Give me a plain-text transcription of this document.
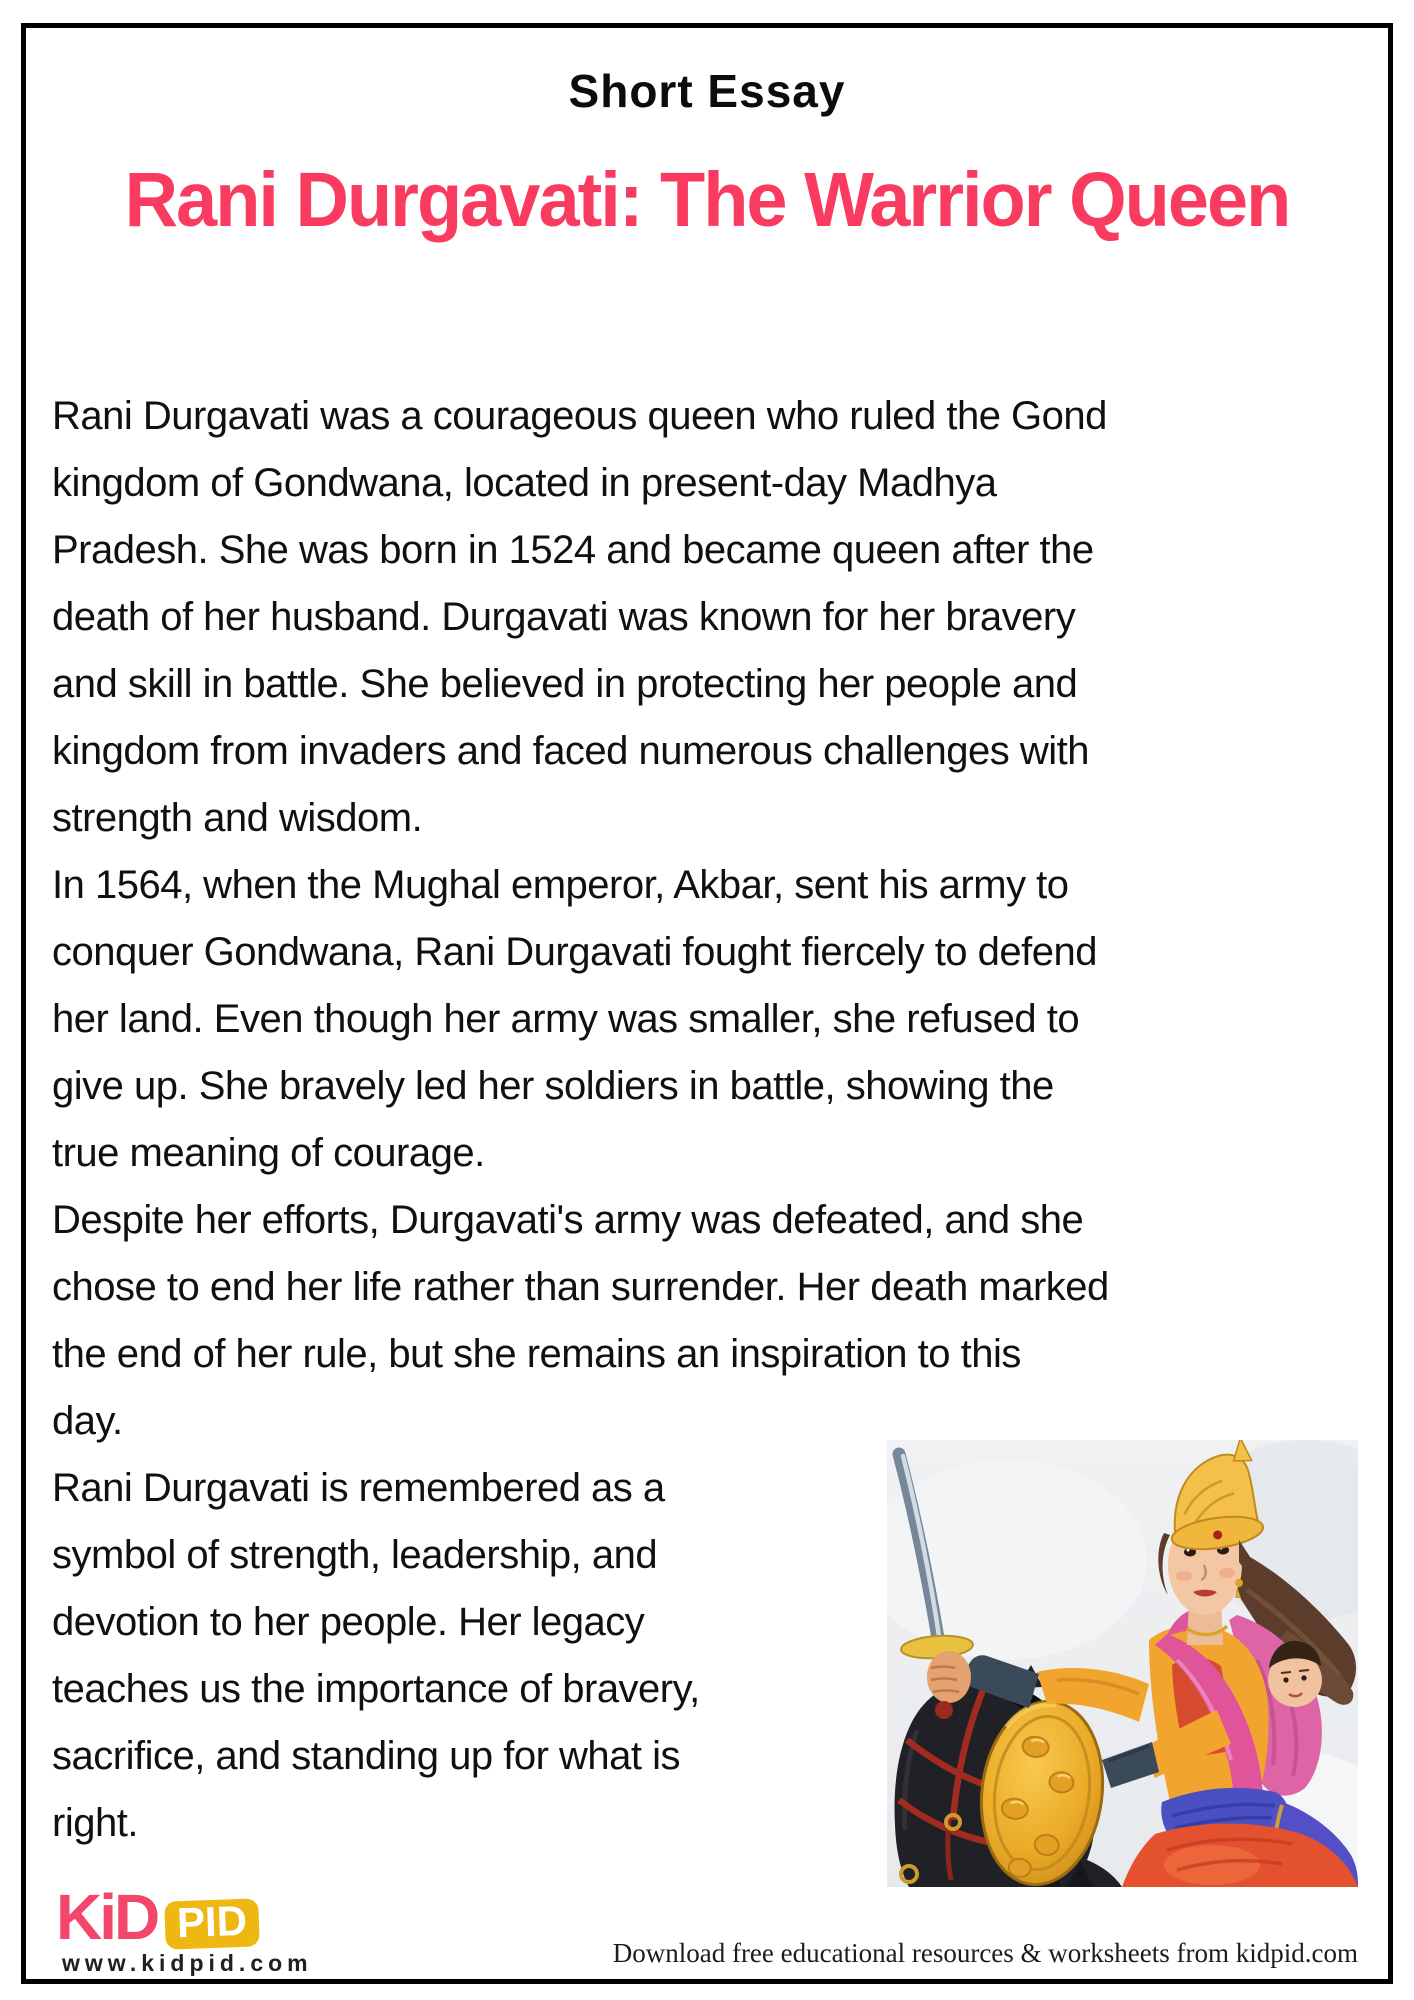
Short Essay
Rani Durgavati: The Warrior Queen
Rani Durgavati was a courageous queen who ruled the Gond
kingdom of Gondwana, located in present-day Madhya
Pradesh. She was born in 1524 and became queen after the
death of her husband. Durgavati was known for her bravery
and skill in battle. She believed in protecting her people and
kingdom from invaders and faced numerous challenges with
strength and wisdom.
In 1564, when the Mughal emperor, Akbar, sent his army to
conquer Gondwana, Rani Durgavati fought fiercely to defend
her land. Even though her army was smaller, she refused to
give up. She bravely led her soldiers in battle, showing the
true meaning of courage.
Despite her efforts, Durgavati's army was defeated, and she
chose to end her life rather than surrender. Her death marked
the end of her rule, but she remains an inspiration to this
day.
Rani Durgavati is remembered as a
symbol of strength, leadership, and
devotion to her people. Her legacy
teaches us the importance of bravery,
sacrifice, and standing up for what is
right.
KiD PID
www.kidpid.com	Download free educational resources & worksheets from kidpid.com
